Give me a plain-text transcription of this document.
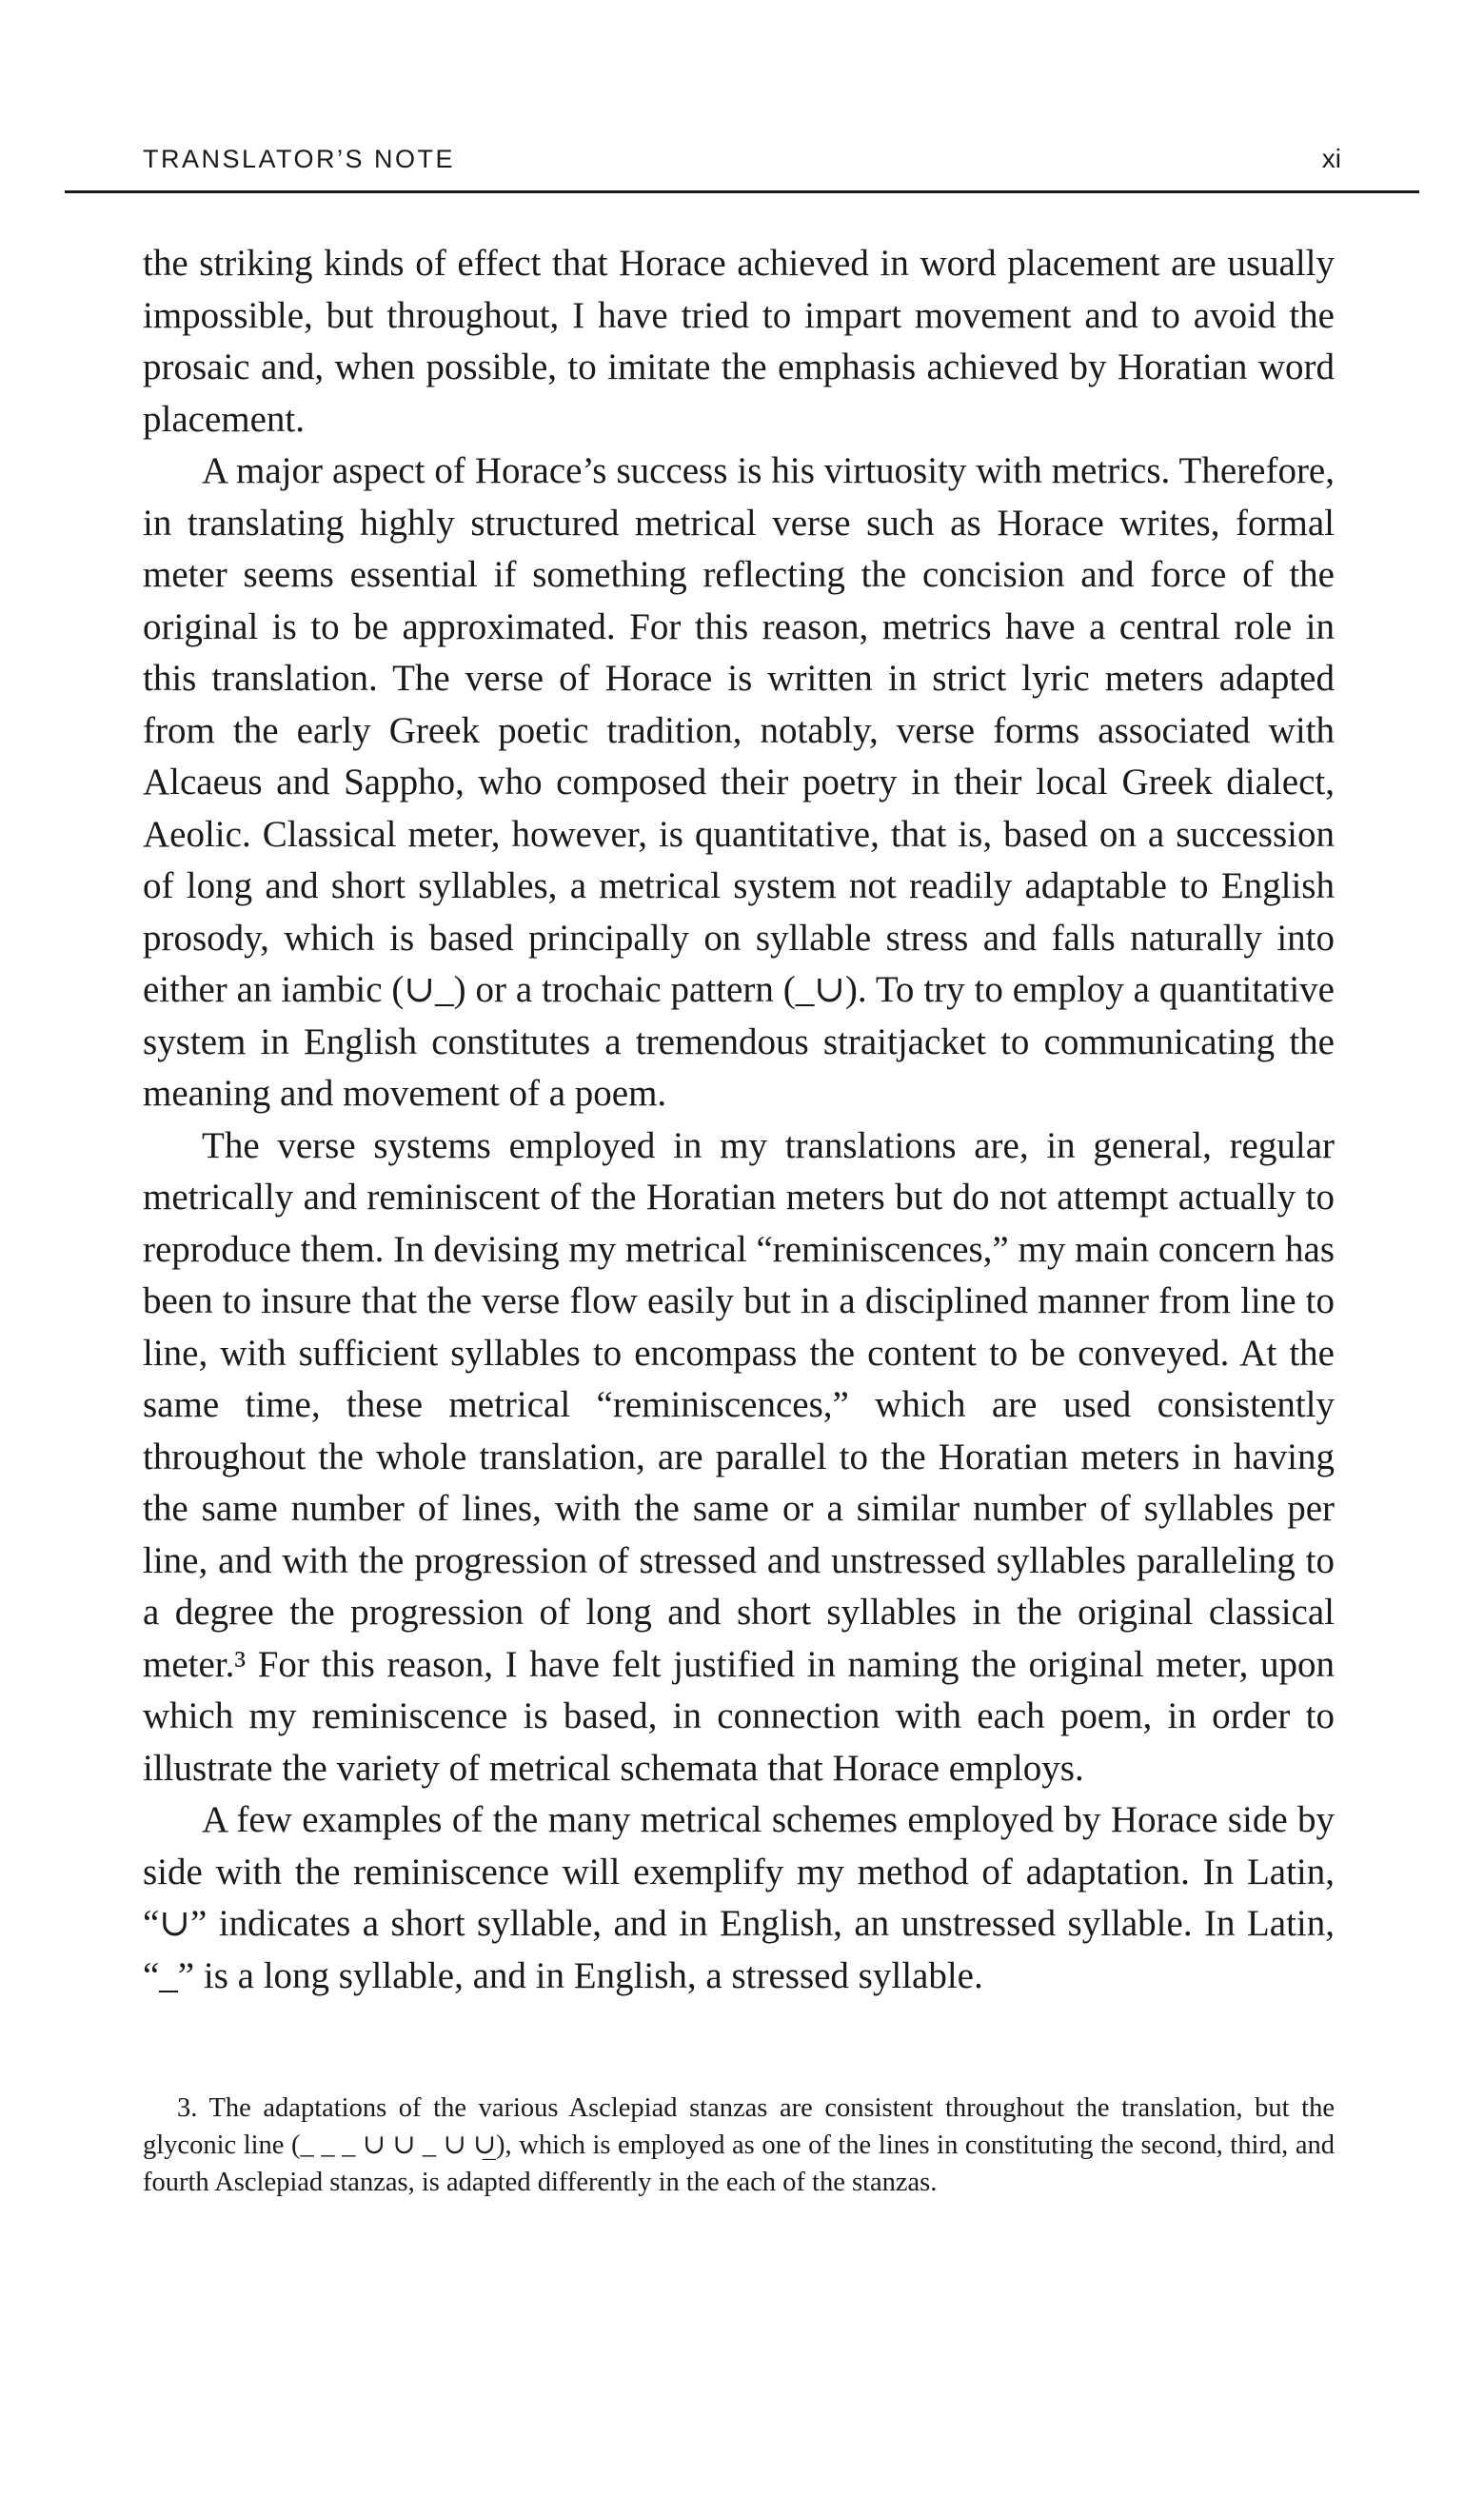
TRANSLATOR’S NOTE	xi

the striking kinds of effect that Horace achieved in word placement are usually impossible, but throughout, I have tried to impart movement and to avoid the prosaic and, when possible, to imitate the emphasis achieved by Horatian word placement.

A major aspect of Horace’s success is his virtuosity with metrics. Therefore, in translating highly structured metrical verse such as Horace writes, formal meter seems essential if something reflecting the concision and force of the original is to be approximated. For this reason, metrics have a central role in this translation. The verse of Horace is written in strict lyric meters adapted from the early Greek poetic tradition, notably, verse forms associated with Alcaeus and Sappho, who composed their poetry in their local Greek dialect, Aeolic. Classical meter, however, is quantitative, that is, based on a succession of long and short syllables, a metrical system not readily adaptable to English prosody, which is based principally on syllable stress and falls naturally into either an iambic (∪_) or a trochaic pattern (_∪). To try to employ a quantitative system in English constitutes a tremendous straitjacket to communicating the meaning and movement of a poem.

The verse systems employed in my translations are, in general, regular metrically and reminiscent of the Horatian meters but do not attempt actually to reproduce them. In devising my metrical “reminiscences,” my main concern has been to insure that the verse flow easily but in a disciplined manner from line to line, with sufficient syllables to encompass the content to be conveyed. At the same time, these metrical “reminiscences,” which are used consistently throughout the whole translation, are parallel to the Horatian meters in having the same number of lines, with the same or a similar number of syllables per line, and with the progression of stressed and unstressed syllables paralleling to a degree the progression of long and short syllables in the original classical meter.³ For this reason, I have felt justified in naming the original meter, upon which my reminiscence is based, in connection with each poem, in order to illustrate the variety of metrical schemata that Horace employs.

A few examples of the many metrical schemes employed by Horace side by side with the reminiscence will exemplify my method of adaptation. In Latin, “∪” indicates a short syllable, and in English, an unstressed syllable. In Latin, “_” is a long syllable, and in English, a stressed syllable.

3. The adaptations of the various Asclepiad stanzas are consistent throughout the translation, but the glyconic line (_ _ _ ∪ ∪ _ ∪ ∪̲), which is employed as one of the lines in constituting the second, third, and fourth Asclepiad stanzas, is adapted differently in the each of the stanzas.
